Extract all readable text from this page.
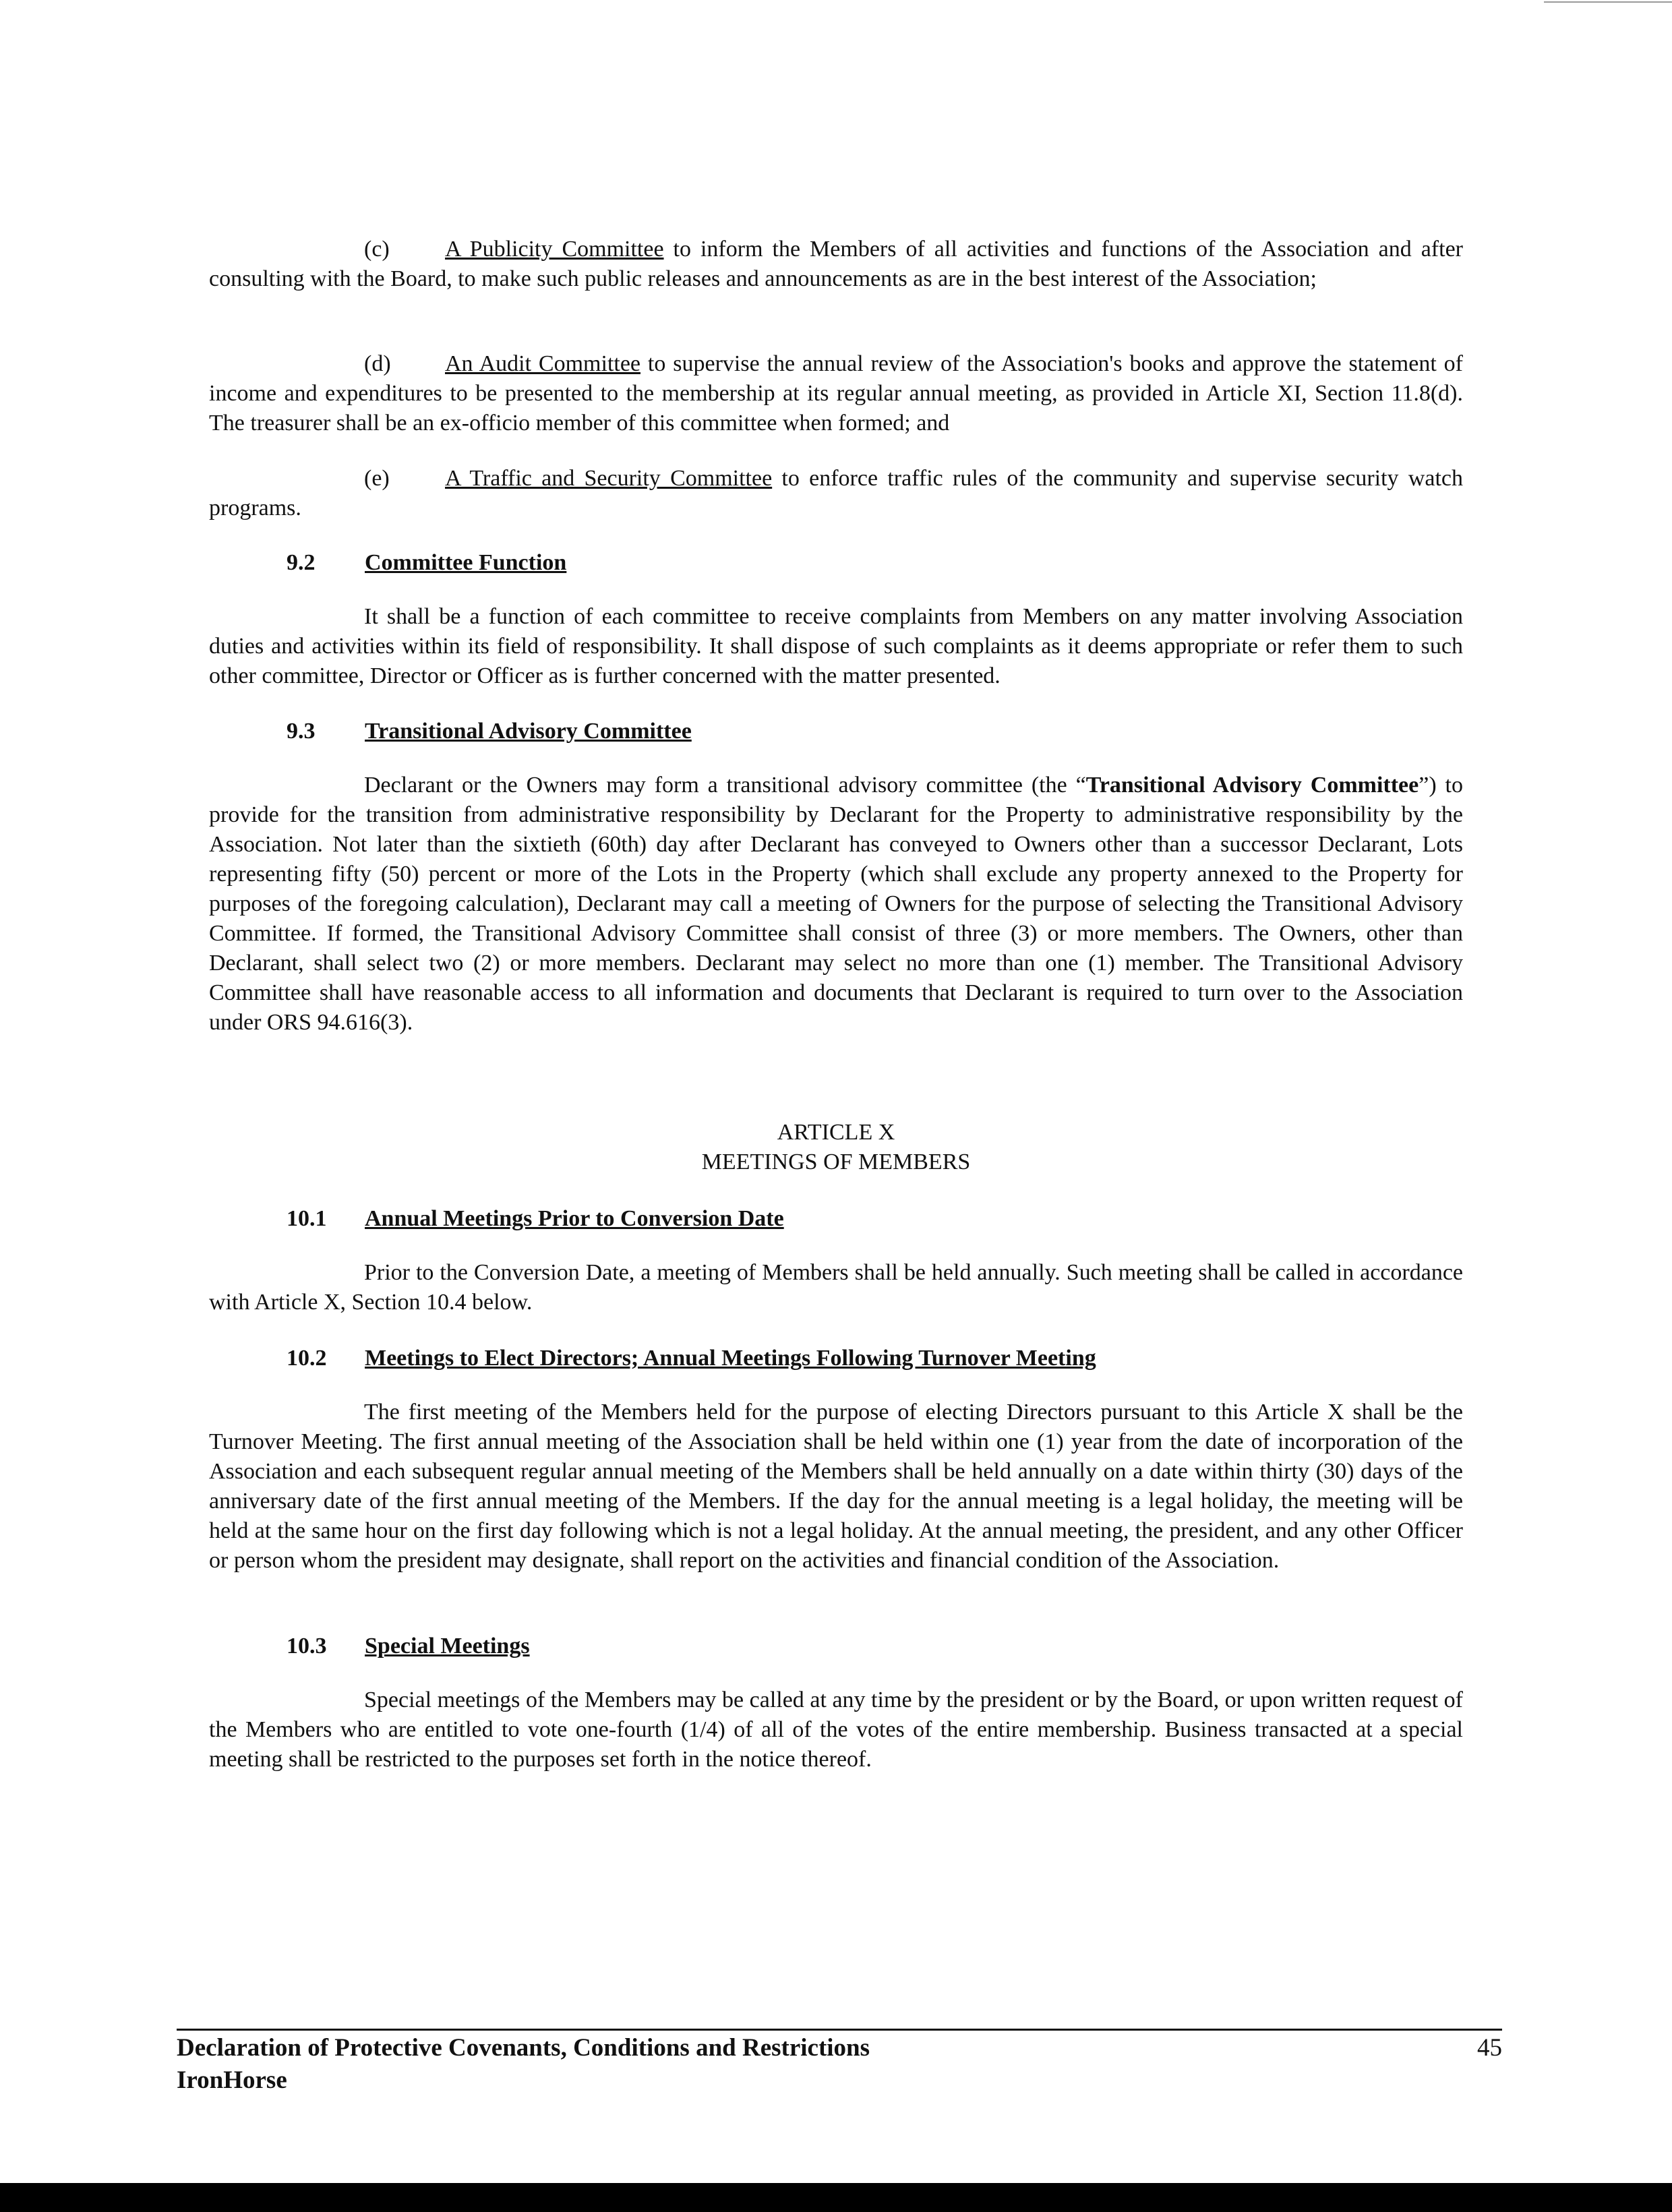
(c) A Publicity Committee to inform the Members of all activities and functions of the Association and after consulting with the Board, to make such public releases and announcements as are in the best interest of the Association;

(d) An Audit Committee to supervise the annual review of the Association's books and approve the statement of income and expenditures to be presented to the membership at its regular annual meeting, as provided in Article XI, Section 11.8(d). The treasurer shall be an ex-officio member of this committee when formed; and

(e) A Traffic and Security Committee to enforce traffic rules of the community and supervise security watch programs.

9.2 Committee Function

It shall be a function of each committee to receive complaints from Members on any matter involving Association duties and activities within its field of responsibility. It shall dispose of such complaints as it deems appropriate or refer them to such other committee, Director or Officer as is further concerned with the matter presented.

9.3 Transitional Advisory Committee

Declarant or the Owners may form a transitional advisory committee (the “Transitional Advisory Committee”) to provide for the transition from administrative responsibility by Declarant for the Property to administrative responsibility by the Association. Not later than the sixtieth (60th) day after Declarant has conveyed to Owners other than a successor Declarant, Lots representing fifty (50) percent or more of the Lots in the Property (which shall exclude any property annexed to the Property for purposes of the foregoing calculation), Declarant may call a meeting of Owners for the purpose of selecting the Transitional Advisory Committee. If formed, the Transitional Advisory Committee shall consist of three (3) or more members. The Owners, other than Declarant, shall select two (2) or more members. Declarant may select no more than one (1) member. The Transitional Advisory Committee shall have reasonable access to all information and documents that Declarant is required to turn over to the Association under ORS 94.616(3).

ARTICLE X
MEETINGS OF MEMBERS
10.1 Annual Meetings Prior to Conversion Date

Prior to the Conversion Date, a meeting of Members shall be held annually. Such meeting shall be called in accordance with Article X, Section 10.4 below.

10.2 Meetings to Elect Directors; Annual Meetings Following Turnover Meeting

The first meeting of the Members held for the purpose of electing Directors pursuant to this Article X shall be the Turnover Meeting. The first annual meeting of the Association shall be held within one (1) year from the date of incorporation of the Association and each subsequent regular annual meeting of the Members shall be held annually on a date within thirty (30) days of the anniversary date of the first annual meeting of the Members. If the day for the annual meeting is a legal holiday, the meeting will be held at the same hour on the first day following which is not a legal holiday. At the annual meeting, the president, and any other Officer or person whom the president may designate, shall report on the activities and financial condition of the Association.

10.3 Special Meetings

Special meetings of the Members may be called at any time by the president or by the Board, or upon written request of the Members who are entitled to vote one-fourth (1/4) of all of the votes of the entire membership. Business transacted at a special meeting shall be restricted to the purposes set forth in the notice thereof.

Declaration of Protective Covenants, Conditions and Restrictions
IronHorse
45
